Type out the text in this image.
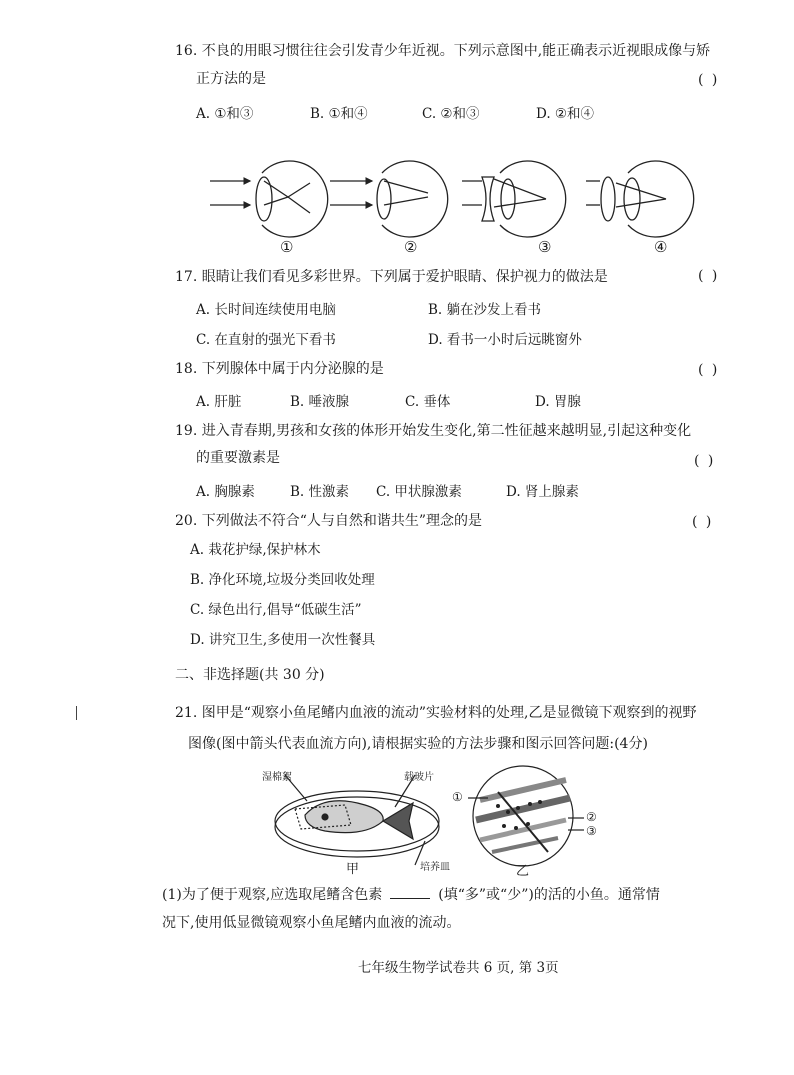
16. 不良的用眼习惯往往会引发青少年近视。下列示意图中,能正确表示近视眼成像与矫
正方法的是	( )
A. ①和③	B. ①和④	C. ②和③	D. ②和④
①	②	③	④
17. 眼睛让我们看见多彩世界。下列属于爱护眼睛、保护视力的做法是	( )
A. 长时间连续使用电脑	B. 躺在沙发上看书
C. 在直射的强光下看书	D. 看书一小时后远眺窗外
18. 下列腺体中属于内分泌腺的是	( )
A. 肝脏	B. 唾液腺	C. 垂体	D. 胃腺
19. 进入青春期,男孩和女孩的体形开始发生变化,第二性征越来越明显,引起这种变化
的重要激素是	( )
A. 胸腺素	B. 性激素 C. 甲状腺激素	D. 肾上腺素
20. 下列做法不符合“人与自然和谐共生”理念的是	( )
A. 栽花护绿,保护林木
B. 净化环境,垃圾分类回收处理
C. 绿色出行,倡导“低碳生活”
D. 讲究卫生,多使用一次性餐具
二、非选择题(共 30 分)
21. 图甲是“观察小鱼尾鳍内血液的流动”实验材料的处理,乙是显微镜下观察到的视野
图像(图中箭头代表血流方向),请根据实验的方法步骤和图示回答问题:(4分)
湿棉絮	载玻片
培养皿
甲
①
②
③
乙
(1)为了便于观察,应选取尾鳍含色素	(填“多”或“少”)的活的小鱼。通常情
况下,使用低显微镜观察小鱼尾鳍内血液的流动。
七年级生物学试卷共 6 页, 第 3页
